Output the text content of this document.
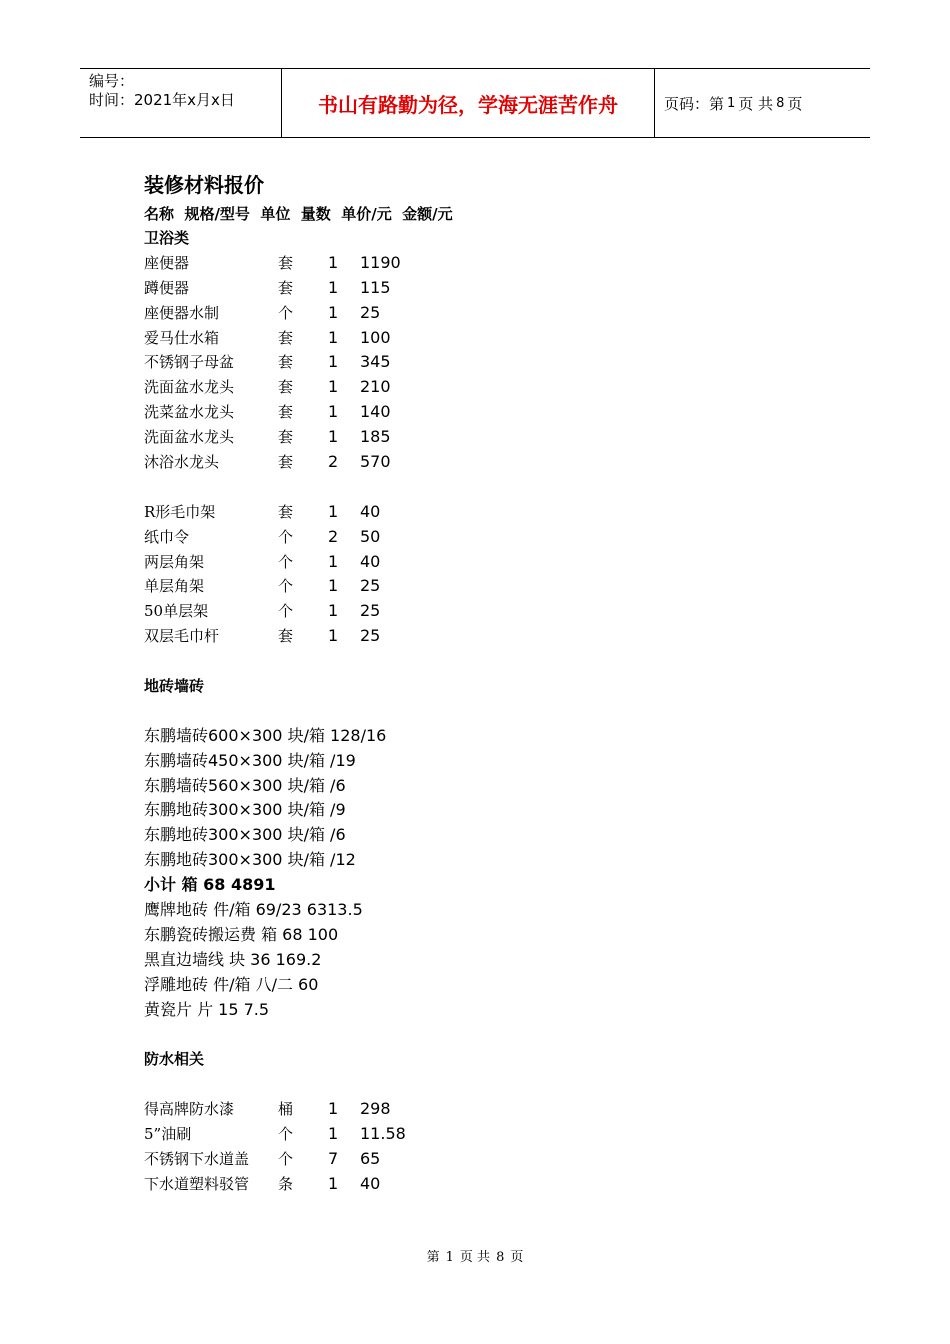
编号：
时间：2021年x月x日	书山有路勤为径，学海无涯苦作舟	页码：第 1 页 共 8 页
装修材料报价
名称  规格/型号  单位  量数  单价/元  金额/元
卫浴类
座便器	套 1 1190
蹲便器	套 1 115
座便器水制	个 1 25
爱马仕水箱	套 1 100
不锈钢子母盆	套 1 345
洗面盆水龙头	套 1 210
洗菜盆水龙头	套 1 140
洗面盆水龙头	套 1 185
沐浴水龙头	套 2 570
R形毛巾架	套 1 40
纸巾令	个 2 50
两层角架	个 1 40
单层角架	个 1 25
50单层架	个 1 25
双层毛巾杆	套 1 25
地砖墙砖
东鹏墙砖600×300 块/箱 128/16
东鹏墙砖450×300 块/箱 /19
东鹏墙砖560×300 块/箱 /6
东鹏地砖300×300 块/箱 /9
东鹏地砖300×300 块/箱 /6
东鹏地砖300×300 块/箱 /12
小计 箱 68 4891
鹰牌地砖 件/箱 69/23 6313.5
东鹏瓷砖搬运费 箱 68 100
黑直边墙线 块 36 169.2
浮雕地砖 件/箱 八/二 60
黄瓷片 片 15 7.5
防水相关
得高牌防水漆	桶 1 298
5”油刷	个 1 11.58
不锈钢下水道盖 个 7 65
下水道塑料驳管 条 1 40
第 1 页 共 8 页
